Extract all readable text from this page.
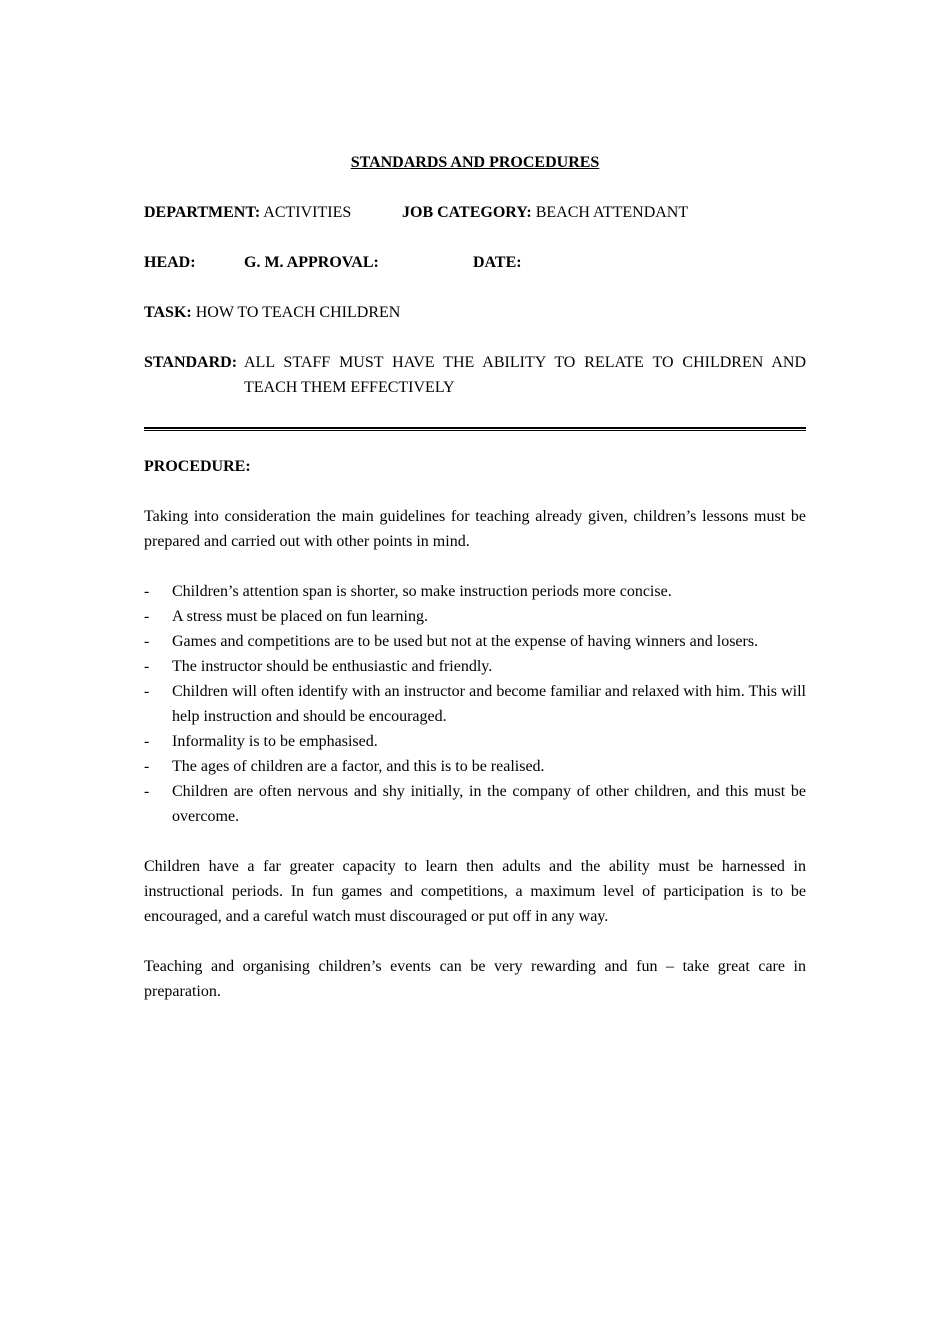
STANDARDS AND PROCEDURES
DEPARTMENT: ACTIVITIES	JOB CATEGORY: BEACH ATTENDANT
HEAD:	G. M. APPROVAL:	DATE:
TASK: HOW TO TEACH CHILDREN
STANDARD: ALL STAFF MUST HAVE THE ABILITY TO RELATE TO CHILDREN AND TEACH THEM EFFECTIVELY

PROCEDURE:

Taking into consideration the main guidelines for teaching already given, children’s lessons must be prepared and carried out with other points in mind.

- Children’s attention span is shorter, so make instruction periods more concise.
- A stress must be placed on fun learning.
- Games and competitions are to be used but not at the expense of having winners and losers.
- The instructor should be enthusiastic and friendly.
- Children will often identify with an instructor and become familiar and relaxed with him. This will help instruction and should be encouraged.
- Informality is to be emphasised.
- The ages of children are a factor, and this is to be realised.
- Children are often nervous and shy initially, in the company of other children, and this must be overcome.

Children have a far greater capacity to learn then adults and the ability must be harnessed in instructional periods. In fun games and competitions, a maximum level of participation is to be encouraged, and a careful watch must discouraged or put off in any way.

Teaching and organising children’s events can be very rewarding and fun – take great care in preparation.
